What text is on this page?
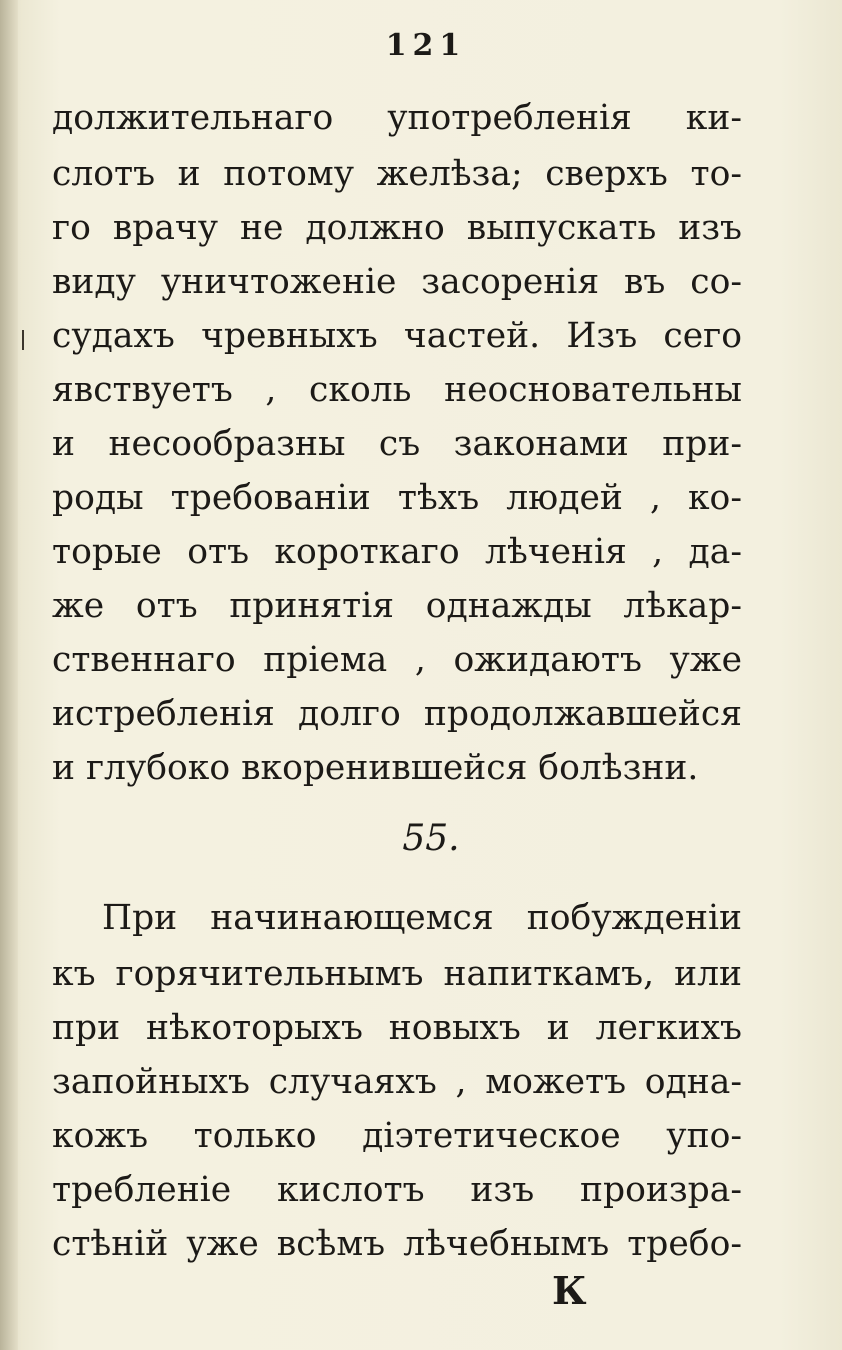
121
должительнаго употребленія ки-
слотъ и потому желѣза; сверхъ то-
го врачу не должно выпускать изъ
виду уничтоженіе засоренія въ со-
судахъ чревныхъ частей. Изъ сего
явствуетъ , сколь неосновательны
и несообразны съ законами при-
роды требованіи тѣхъ людей , ко-
торые отъ короткаго лѣченія , да-
же отъ принятія однажды лѣкар-
ственнаго пріема , ожидаютъ уже
истребленія долго продолжавшейся
и глубоко вкоренившейся болѣзни.
55.
При начинающемся побужденіи
къ горячительнымъ напиткамъ, или
при нѣкоторыхъ новыхъ и легкихъ
запойныхъ случаяхъ , можетъ одна-
кожъ только діэтетическое упо-
требленіе кислотъ изъ произра-
стѣній уже всѣмъ лѣчебнымъ требо-
К
